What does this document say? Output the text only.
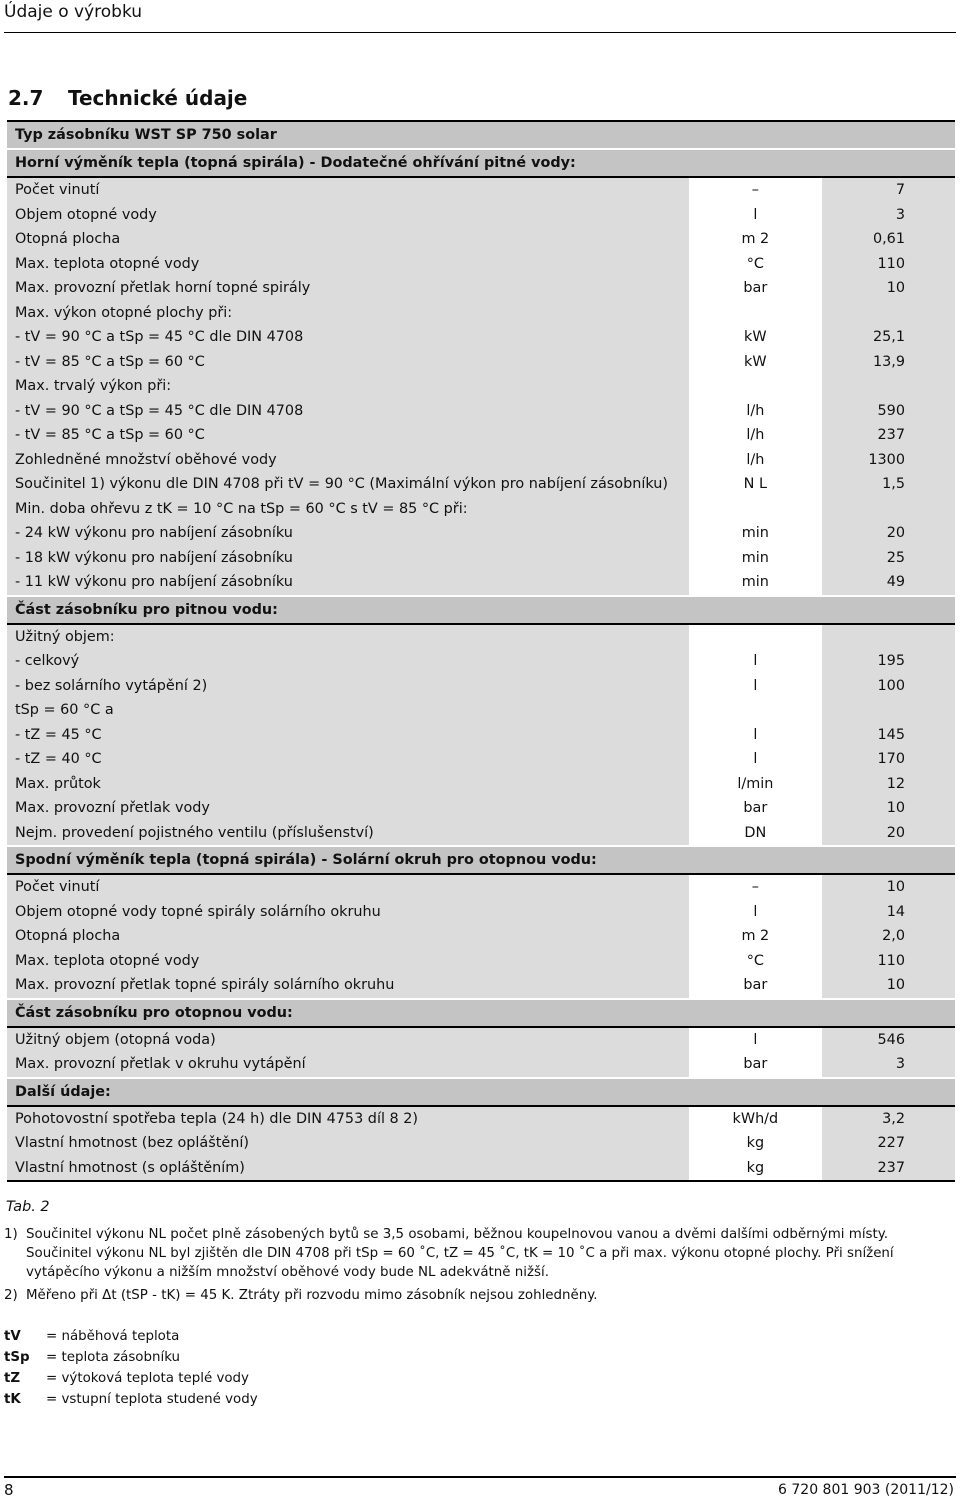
Údaje o výrobku
2.7 Technické údaje
Typ zásobníku WST SP 750 solar
Horní výměník tepla (topná spirála) - Dodatečné ohřívání pitné vody:
Počet vinutí	–	7
Objem otopné vody	l	3
Otopná plocha	m 2	0,61
Max. teplota otopné vody	°C	110
Max. provozní přetlak horní topné spirály	bar	10
Max. výkon otopné plochy při:
- tV = 90 °C a tSp = 45 °C dle DIN 4708	kW	25,1
- tV = 85 °C a tSp = 60 °C	kW	13,9
Max. trvalý výkon při:
- tV = 90 °C a tSp = 45 °C dle DIN 4708	l/h	590
- tV = 85 °C a tSp = 60 °C	l/h	237
Zohledněné množství oběhové vody	l/h	1300
Součinitel 1) výkonu dle DIN 4708 při tV = 90 °C (Maximální výkon pro nabíjení zásobníku)	N L	1,5
Min. doba ohřevu z tK = 10 °C na tSp = 60 °C s tV = 85 °C při:
- 24 kW výkonu pro nabíjení zásobníku	min	20
- 18 kW výkonu pro nabíjení zásobníku	min	25
- 11 kW výkonu pro nabíjení zásobníku	min	49
Část zásobníku pro pitnou vodu:
Užitný objem:
- celkový	l	195
- bez solárního vytápění 2)	l	100
tSp = 60 °C a
- tZ = 45 °C	l	145
- tZ = 40 °C	l	170
Max. průtok	l/min	12
Max. provozní přetlak vody	bar	10
Nejm. provedení pojistného ventilu (příslušenství)	DN	20
Spodní výměník tepla (topná spirála) - Solární okruh pro otopnou vodu:
Počet vinutí	–	10
Objem otopné vody topné spirály solárního okruhu	l	14
Otopná plocha	m 2	2,0
Max. teplota otopné vody	°C	110
Max. provozní přetlak topné spirály solárního okruhu	bar	10
Část zásobníku pro otopnou vodu:
Užitný objem (otopná voda)	l	546
Max. provozní přetlak v okruhu vytápění	bar	3
Další údaje:
Pohotovostní spotřeba tepla (24 h) dle DIN 4753 díl 8 2)	kWh/d	3,2
Vlastní hmotnost (bez opláštění)	kg	227
Vlastní hmotnost (s opláštěním)	kg	237
Tab. 2
1) Součinitel výkonu NL počet plně zásobených bytů se 3,5 osobami, běžnou koupelnovou vanou a dvěmi dalšími odběrnými místy. Součinitel výkonu NL byl zjištěn dle DIN 4708 při tSp = 60 ˚C, tZ = 45 ˚C, tK = 10 ˚C a při max. výkonu otopné plochy. Při snížení vytápěcího výkonu a nižším množství oběhové vody bude NL adekvátně nižší.
2) Měřeno při Δt (tSP - tK) = 45 K. Ztráty při rozvodu mimo zásobník nejsou zohledněny.
tV	= náběhová teplota
tSp	= teplota zásobníku
tZ	= výtoková teplota teplé vody
tK	= vstupní teplota studené vody
8	6 720 801 903 (2011/12)
